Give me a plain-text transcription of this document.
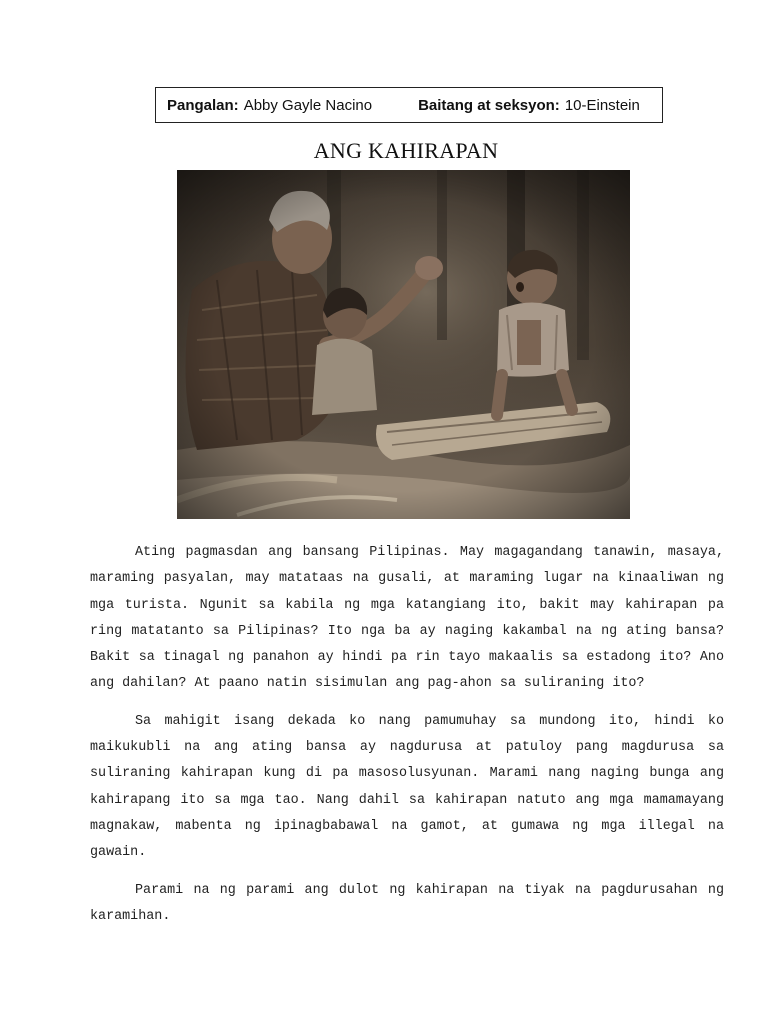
Pangalan: Abby Gayle Nacino	Baitang at seksyon: 10-Einstein
ANG KAHIRAPAN

Ating pagmasdan ang bansang Pilipinas. May magagandang tanawin, masaya, maraming pasyalan, may matataas na gusali, at maraming lugar na kinaaliwan ng mga turista. Ngunit sa kabila ng mga katangiang ito, bakit may kahirapan pa ring matatanto sa Pilipinas? Ito nga ba ay naging kakambal na ng ating bansa? Bakit sa tinagal ng panahon ay hindi pa rin tayo makaalis sa estadong ito? Ano ang dahilan? At paano natin sisimulan ang pag-ahon sa suliraning ito?

Sa mahigit isang dekada ko nang pamumuhay sa mundong ito, hindi ko maikukubli na ang ating bansa ay nagdurusa at patuloy pang magdurusa sa suliraning kahirapan kung di pa masosolusyunan. Marami nang naging bunga ang kahirapang ito sa mga tao. Nang dahil sa kahirapan natuto ang mga mamamayang magnakaw, mabenta ng ipinagbabawal na gamot, at gumawa ng mga illegal na gawain.

Parami na ng parami ang dulot ng kahirapan na tiyak na pagdurusahan ng karamihan.
